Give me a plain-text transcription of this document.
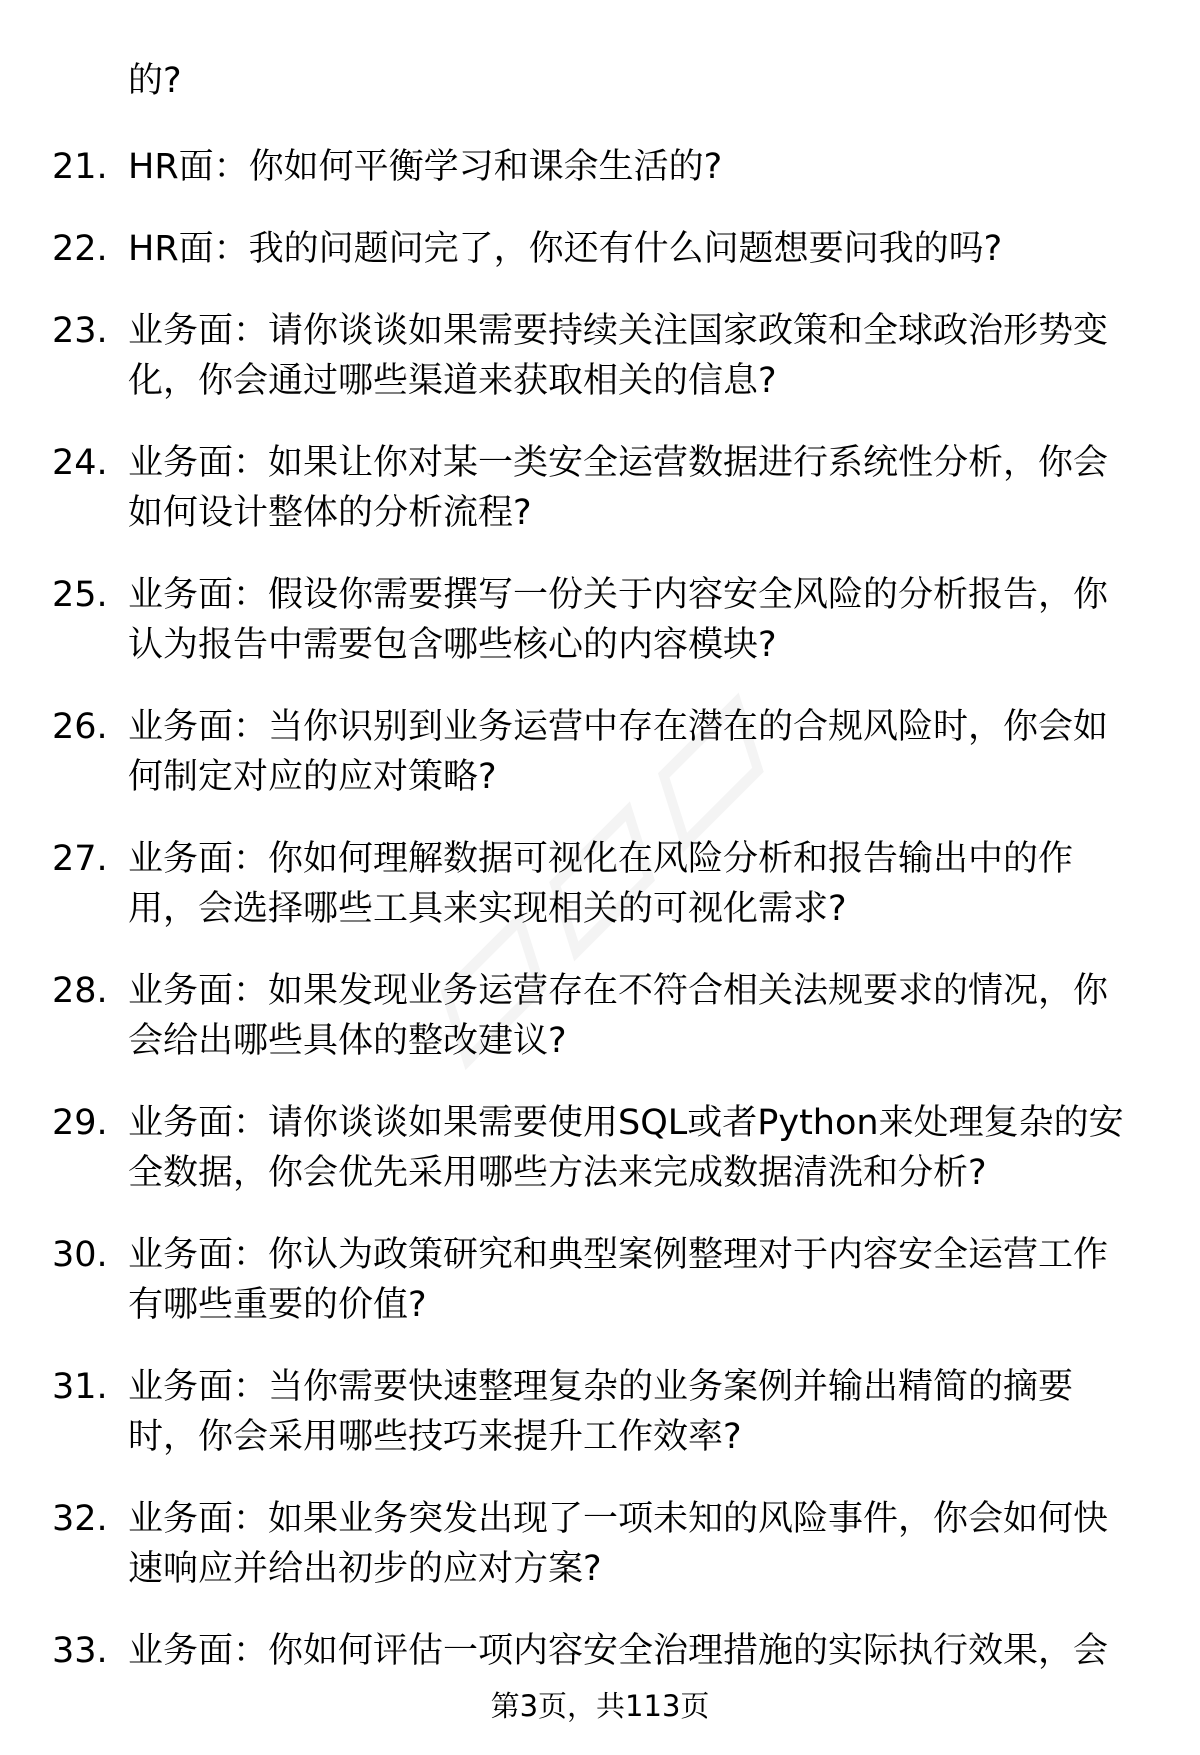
的?
21. HR面：你如何平衡学习和课余生活的?
22. HR面：我的问题问完了，你还有什么问题想要问我的吗?
23. 业务面：请你谈谈如果需要持续关注国家政策和全球政治形势变
化，你会通过哪些渠道来获取相关的信息?
24. 业务面：如果让你对某一类安全运营数据进行系统性分析，你会
如何设计整体的分析流程?
25. 业务面：假设你需要撰写一份关于内容安全风险的分析报告，你
认为报告中需要包含哪些核心的内容模块?
26. 业务面：当你识别到业务运营中存在潜在的合规风险时，你会如
何制定对应的应对策略?
27. 业务面：你如何理解数据可视化在风险分析和报告输出中的作
用，会选择哪些工具来实现相关的可视化需求?
28. 业务面：如果发现业务运营存在不符合相关法规要求的情况，你
会给出哪些具体的整改建议?
29. 业务面：请你谈谈如果需要使用SQL或者Python来处理复杂的安
全数据，你会优先采用哪些方法来完成数据清洗和分析?
30. 业务面：你认为政策研究和典型案例整理对于内容安全运营工作
有哪些重要的价值?
31. 业务面：当你需要快速整理复杂的业务案例并输出精简的摘要
时，你会采用哪些技巧来提升工作效率?
32. 业务面：如果业务突发出现了一项未知的风险事件，你会如何快
速响应并给出初步的应对方案?
33. 业务面：你如何评估一项内容安全治理措施的实际执行效果，会
第3页，共113页
